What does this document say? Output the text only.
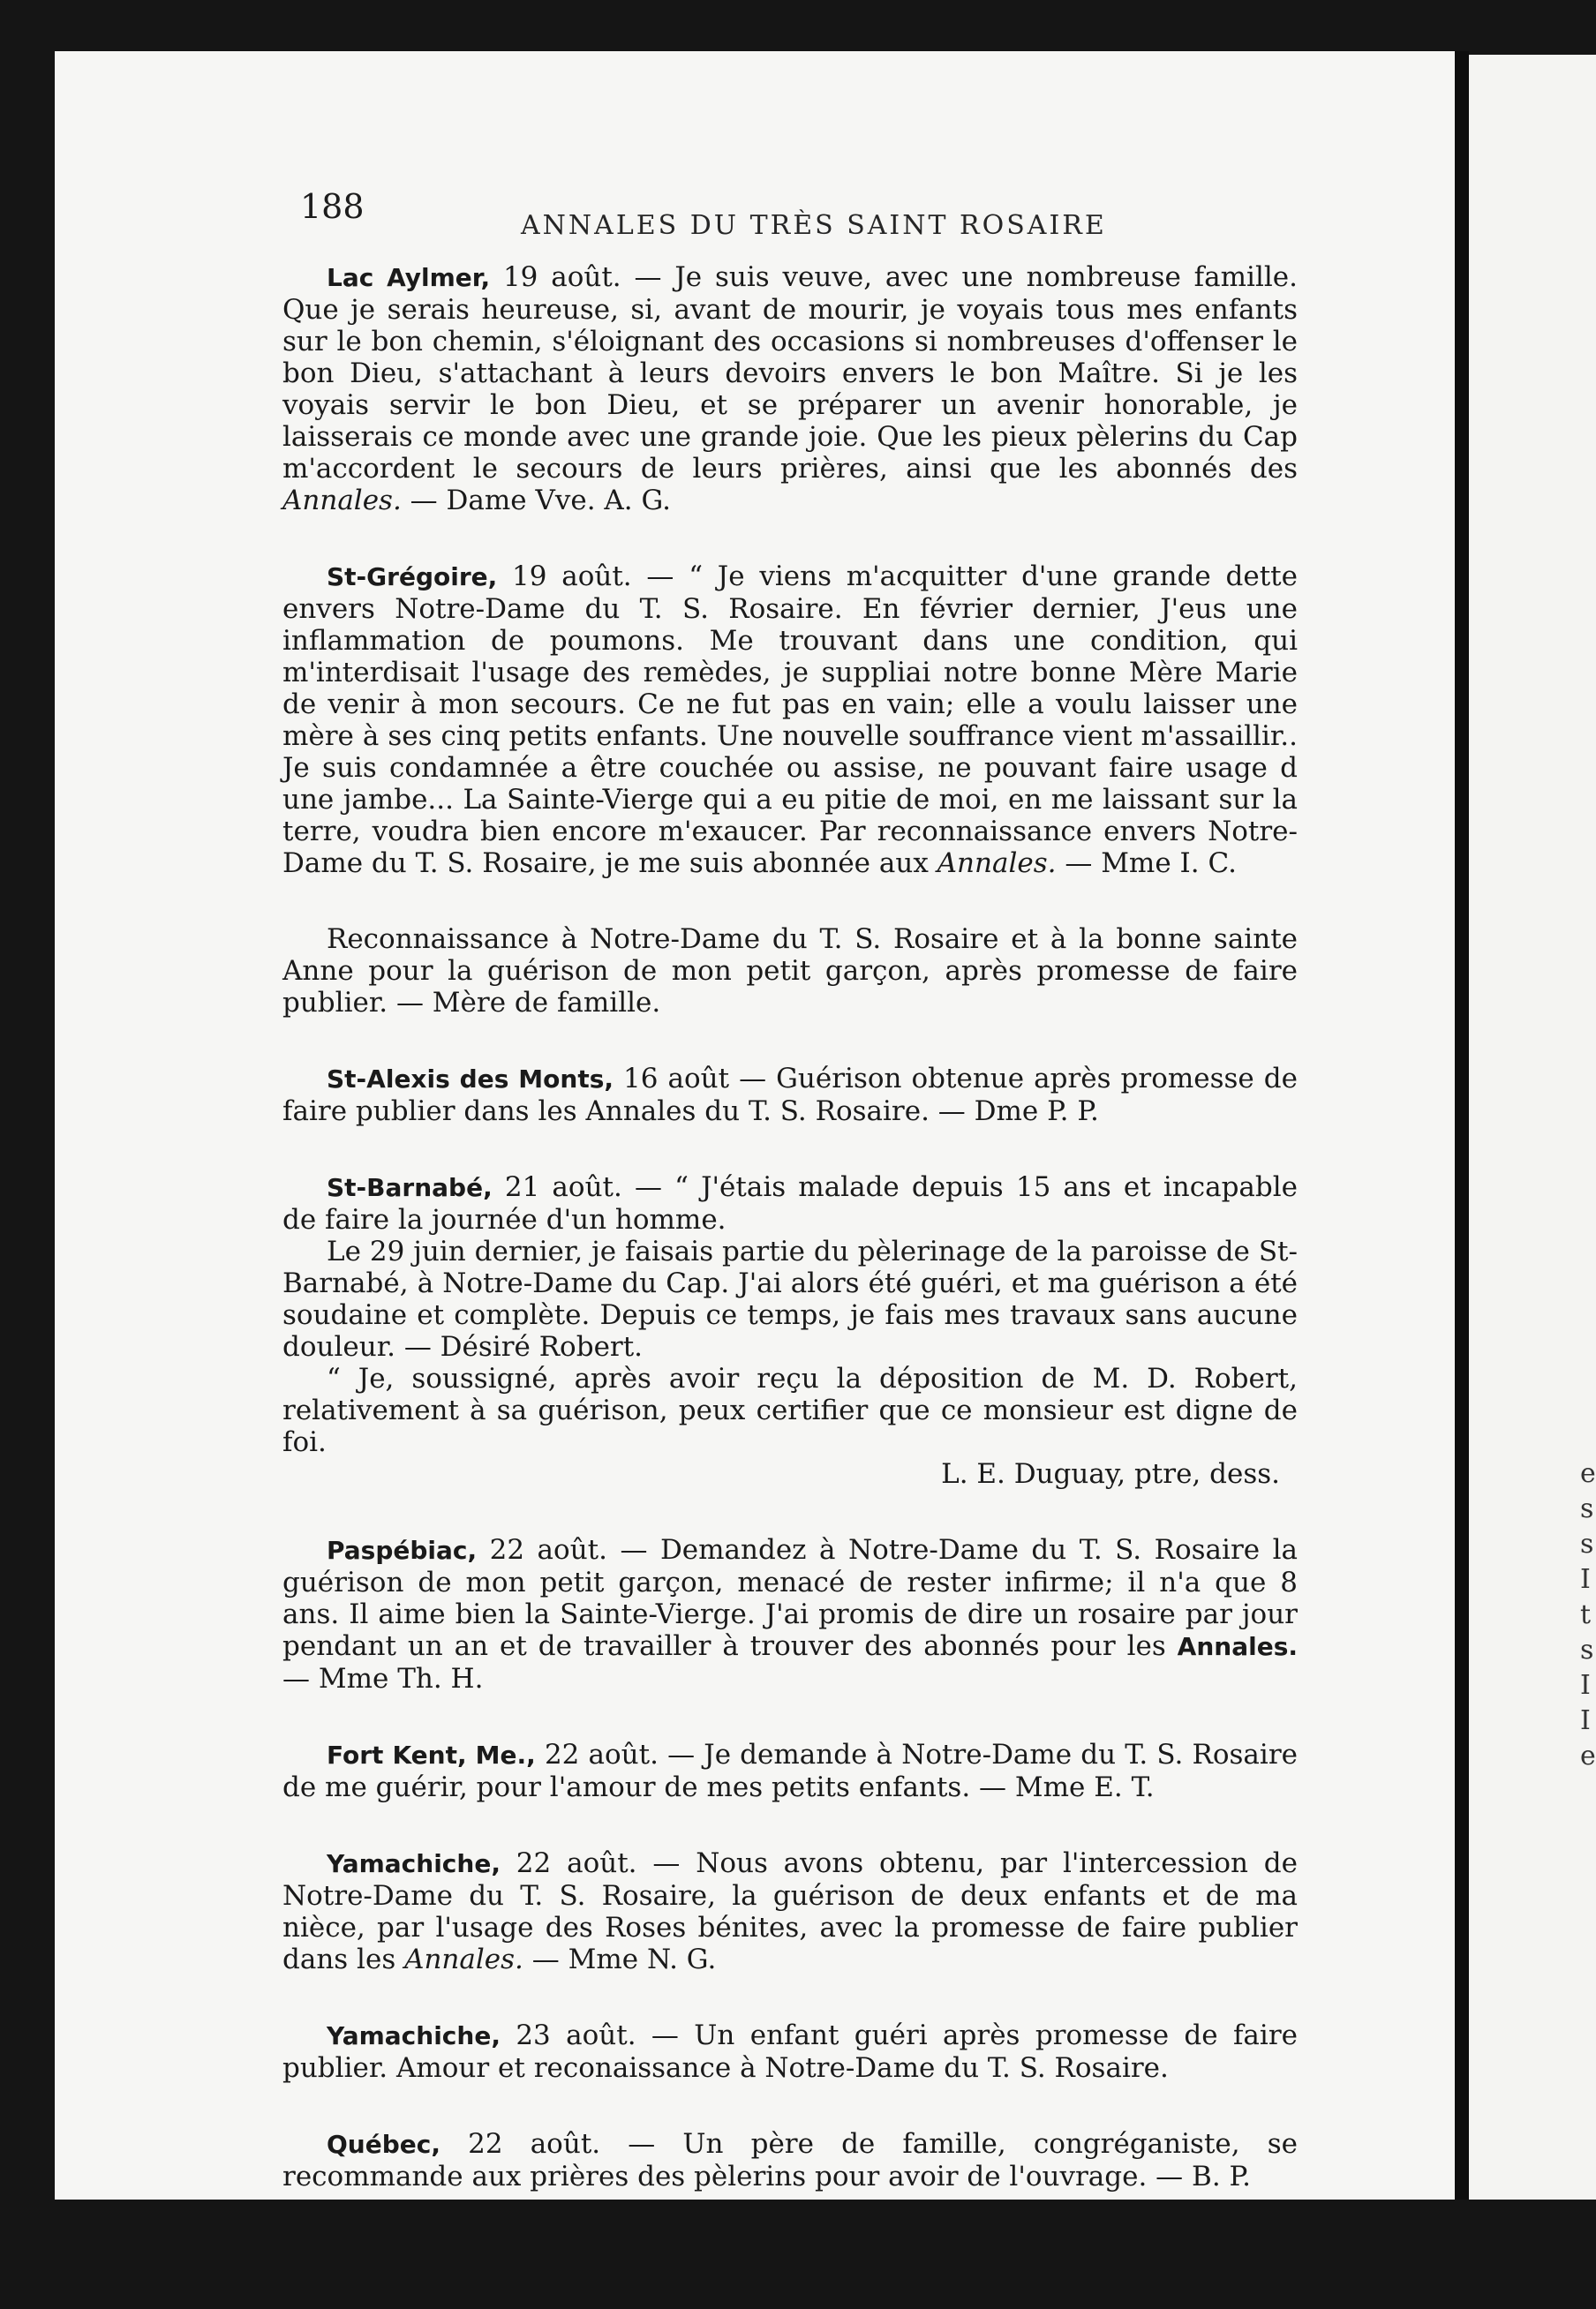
e
s
s
I
t
s
I
I
e
188	ANNALES DU TRÈS SAINT ROSAIRE

Lac Aylmer, 19 août. — Je suis veuve, avec une nombreuse famille. Que je serais heureuse, si, avant de mourir, je voyais tous mes enfants sur le bon chemin, s'éloignant des occasions si nombreuses d'offenser le bon Dieu, s'attachant à leurs devoirs envers le bon Maître. Si je les voyais servir le bon Dieu, et se préparer un avenir honorable, je laisserais ce monde avec une grande joie. Que les pieux pèlerins du Cap m'accordent le secours de leurs prières, ainsi que les abonnés des Annales. — Dame Vve. A. G.

St-Grégoire, 19 août. — “ Je viens m'acquitter d'une grande dette envers Notre-Dame du T. S. Rosaire. En février dernier, J'eus une inflammation de poumons. Me trouvant dans une condition, qui m'interdisait l'usage des remèdes, je suppliai notre bonne Mère Marie de venir à mon secours. Ce ne fut pas en vain; elle a voulu laisser une mère à ses cinq petits enfants. Une nouvelle souffrance vient m'assaillir.. Je suis condamnée a être couchée ou assise, ne pouvant faire usage d une jambe... La Sainte-Vierge qui a eu pitie de moi, en me laissant sur la terre, voudra bien encore m'exaucer. Par reconnaissance envers Notre-Dame du T. S. Rosaire, je me suis abonnée aux Annales. — Mme I. C.

Reconnaissance à Notre-Dame du T. S. Rosaire et à la bonne sainte Anne pour la guérison de mon petit garçon, après promesse de faire publier. — Mère de famille.

St-Alexis des Monts, 16 août — Guérison obtenue après promesse de faire publier dans les Annales du T. S. Rosaire. — Dme P. P.

St-Barnabé, 21 août. — “ J'étais malade depuis 15 ans et incapable de faire la journée d'un homme.

Le 29 juin dernier, je faisais partie du pèlerinage de la paroisse de St-Barnabé, à Notre-Dame du Cap. J'ai alors été guéri, et ma guérison a été soudaine et complète. Depuis ce temps, je fais mes travaux sans aucune douleur. — Désiré Robert.

“ Je, soussigné, après avoir reçu la déposition de M. D. Robert, relativement à sa guérison, peux certifier que ce monsieur est digne de foi.

L. E. Duguay, ptre, dess.

Paspébiac, 22 août. — Demandez à Notre-Dame du T. S. Rosaire la guérison de mon petit garçon, menacé de rester infirme; il n'a que 8 ans. Il aime bien la Sainte-Vierge. J'ai promis de dire un rosaire par jour pendant un an et de travailler à trouver des abonnés pour les Annales. — Mme Th. H.

Fort Kent, Me., 22 août. — Je demande à Notre-Dame du T. S. Rosaire de me guérir, pour l'amour de mes petits enfants. — Mme E. T.

Yamachiche, 22 août. — Nous avons obtenu, par l'intercession de Notre-Dame du T. S. Rosaire, la guérison de deux enfants et de ma nièce, par l'usage des Roses bénites, avec la promesse de faire publier dans les Annales. — Mme N. G.

Yamachiche, 23 août. — Un enfant guéri après promesse de faire publier. Amour et reconaissance à Notre-Dame du T. S. Rosaire.

Québec, 22 août. — Un père de famille, congréganiste, se recommande aux prières des pèlerins pour avoir de l'ouvrage. — B. P.
